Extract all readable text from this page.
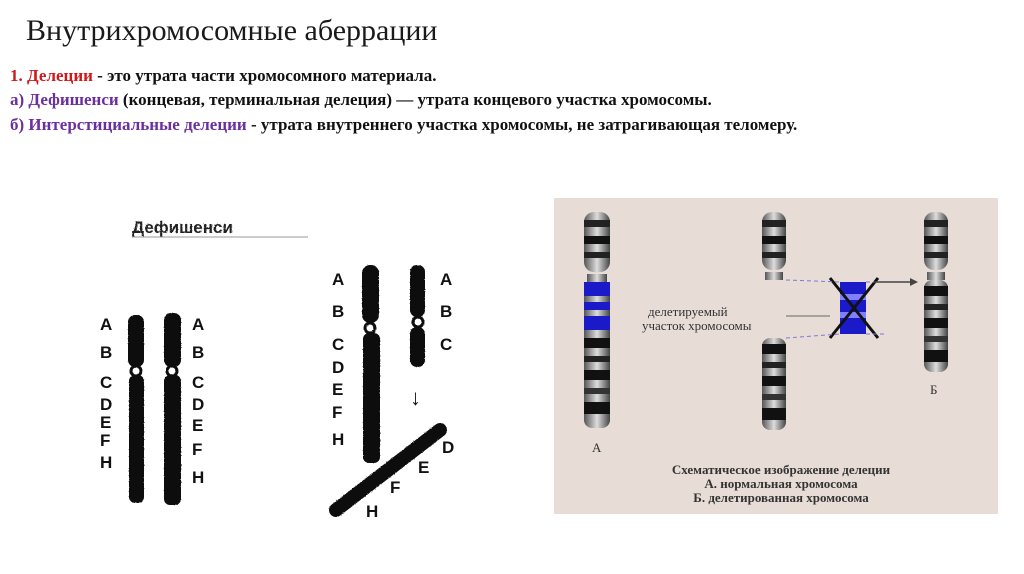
Внутрихромосомные аберрации

1. Делеции - это утрата части хромосомного материала.

а) Дефишенси (концевая, терминальная делеция) — утрата концевого участка хромосомы.

б) Интерстициальные делеции - утрата внутреннего участка хромосомы, не затрагивающая теломеру.

Дефишенси
A
B
C
D
E
F
H
A
B
C
D
E
F
H
A
B
C
D
E
F
H
A
B
C
↓
D
E
F
H
делетируемый
участок хромосомы
А
Б
Схематическое изображение делеции
А. нормальная хромосома
Б. делетированная хромосома
